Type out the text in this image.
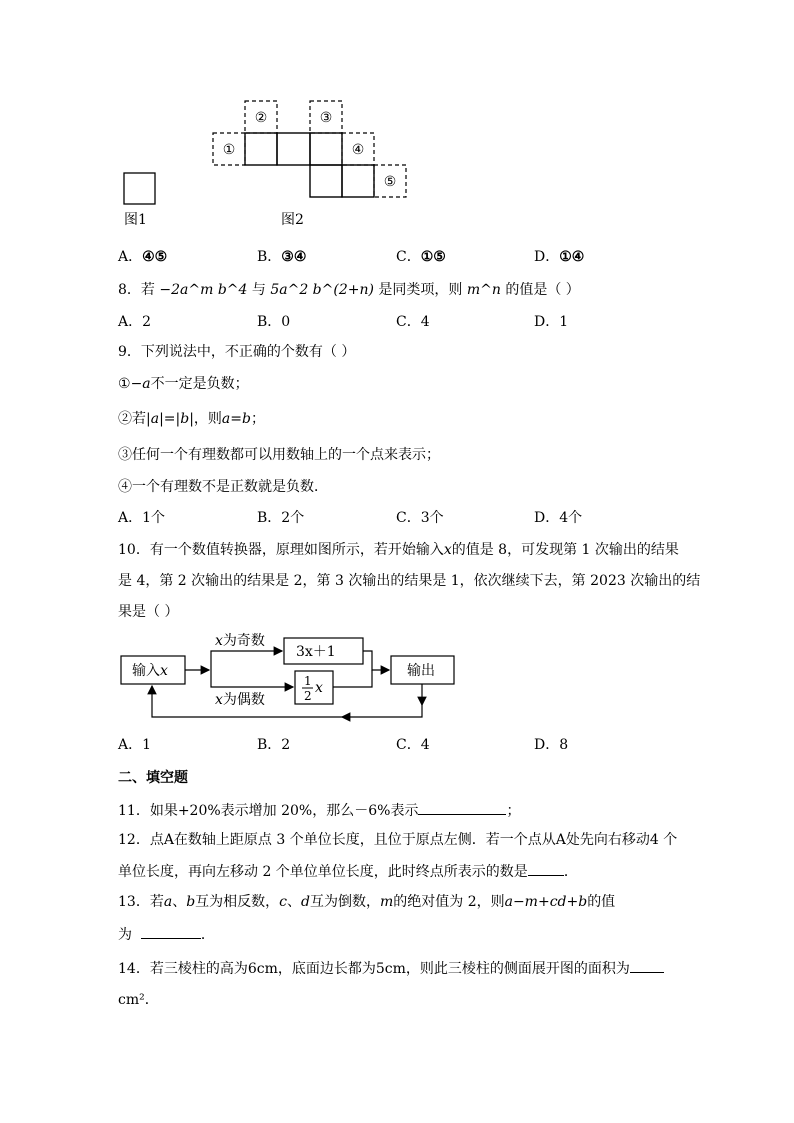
①
②	③
④
⑤
图1	图2
A．④⑤	B．③④	C．①⑤	D．①④
8．若 −2a^m b^4 与 5a^2 b^(2+n) 是同类项，则 m^n 的值是（ ）
A．2	B．0	C．4	D．1
9．下列说法中，不正确的个数有（ ）
①−a不一定是负数；
②若|a|=|b|，则a=b；
③任何一个有理数都可以用数轴上的一个点来表示；
④一个有理数不是正数就是负数．
A．1个	B．2个	C．3个	D．4个
10．有一个数值转换器，原理如图所示，若开始输入x的值是 8，可发现第 1 次输出的结果
是 4，第 2 次输出的结果是 2，第 3 次输出的结果是 1，依次继续下去，第 2023 次输出的结
果是（ ）
输入x
x为奇数
x为偶数
3x＋1
1
2 x
输出
A．1	B．2	C．4	D．8
二、填空题
11．如果+20%表示增加 20%，那么－6%表示	；
12．点A在数轴上距原点 3 个单位长度，且位于原点左侧．若一个点从A处先向右移动4 个
单位长度，再向左移动 2 个单位单位长度，此时终点所表示的数是	．
13．若a、b互为相反数，c、d互为倒数，m的绝对值为 2，则a−m+cd+b的值
为	．
14．若三棱柱的高为6cm，底面边长都为5cm，则此三棱柱的侧面展开图的面积为
cm²．
